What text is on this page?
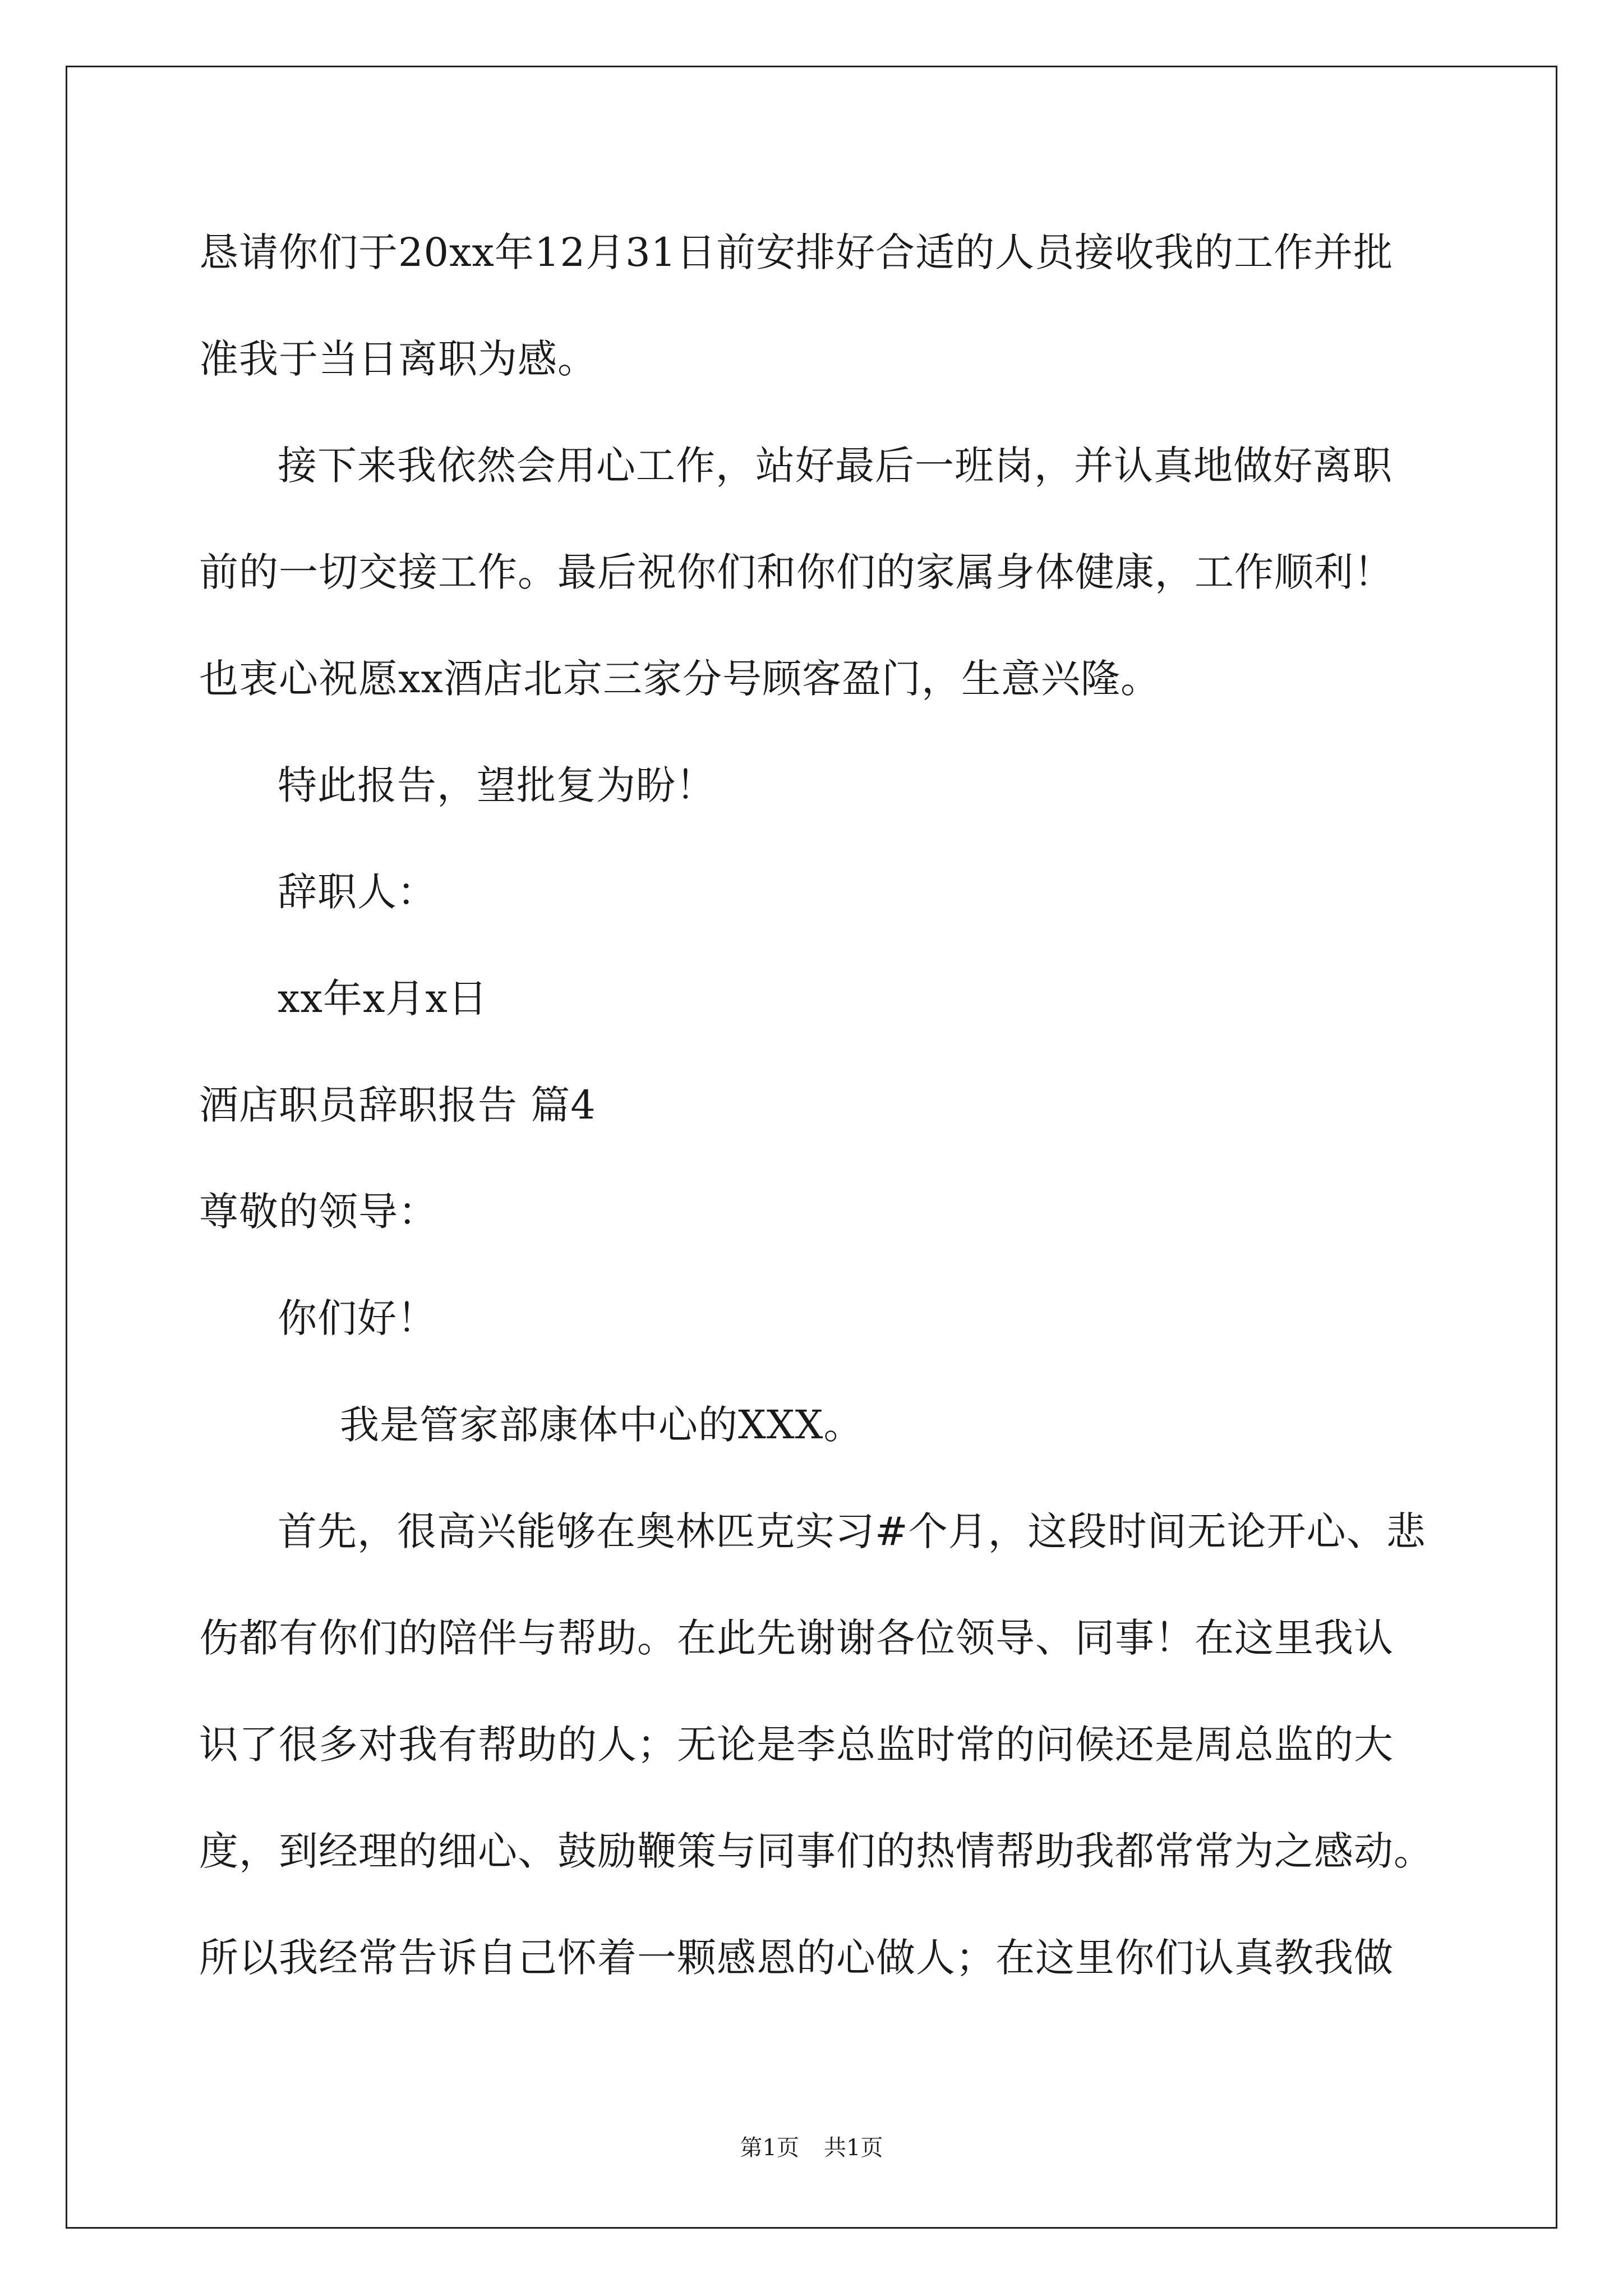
恳请你们于20xx年12月31日前安排好合适的人员接收我的工作并批
准我于当日离职为感。
接下来我依然会用心工作，站好最后一班岗，并认真地做好离职
前的一切交接工作。最后祝你们和你们的家属身体健康，工作顺利！
也衷心祝愿xx酒店北京三家分号顾客盈门，生意兴隆。
特此报告，望批复为盼！
辞职人：
xx年x月x日
酒店职员辞职报告 篇4
尊敬的领导：
你们好！
我是管家部康体中心的XXX。
首先，很高兴能够在奥林匹克实习#个月，这段时间无论开心、悲
伤都有你们的陪伴与帮助。在此先谢谢各位领导、同事！在这里我认
识了很多对我有帮助的人；无论是李总监时常的问候还是周总监的大
度，到经理的细心、鼓励鞭策与同事们的热情帮助我都常常为之感动。
所以我经常告诉自己怀着一颗感恩的心做人；在这里你们认真教我做
第1页 共1页
